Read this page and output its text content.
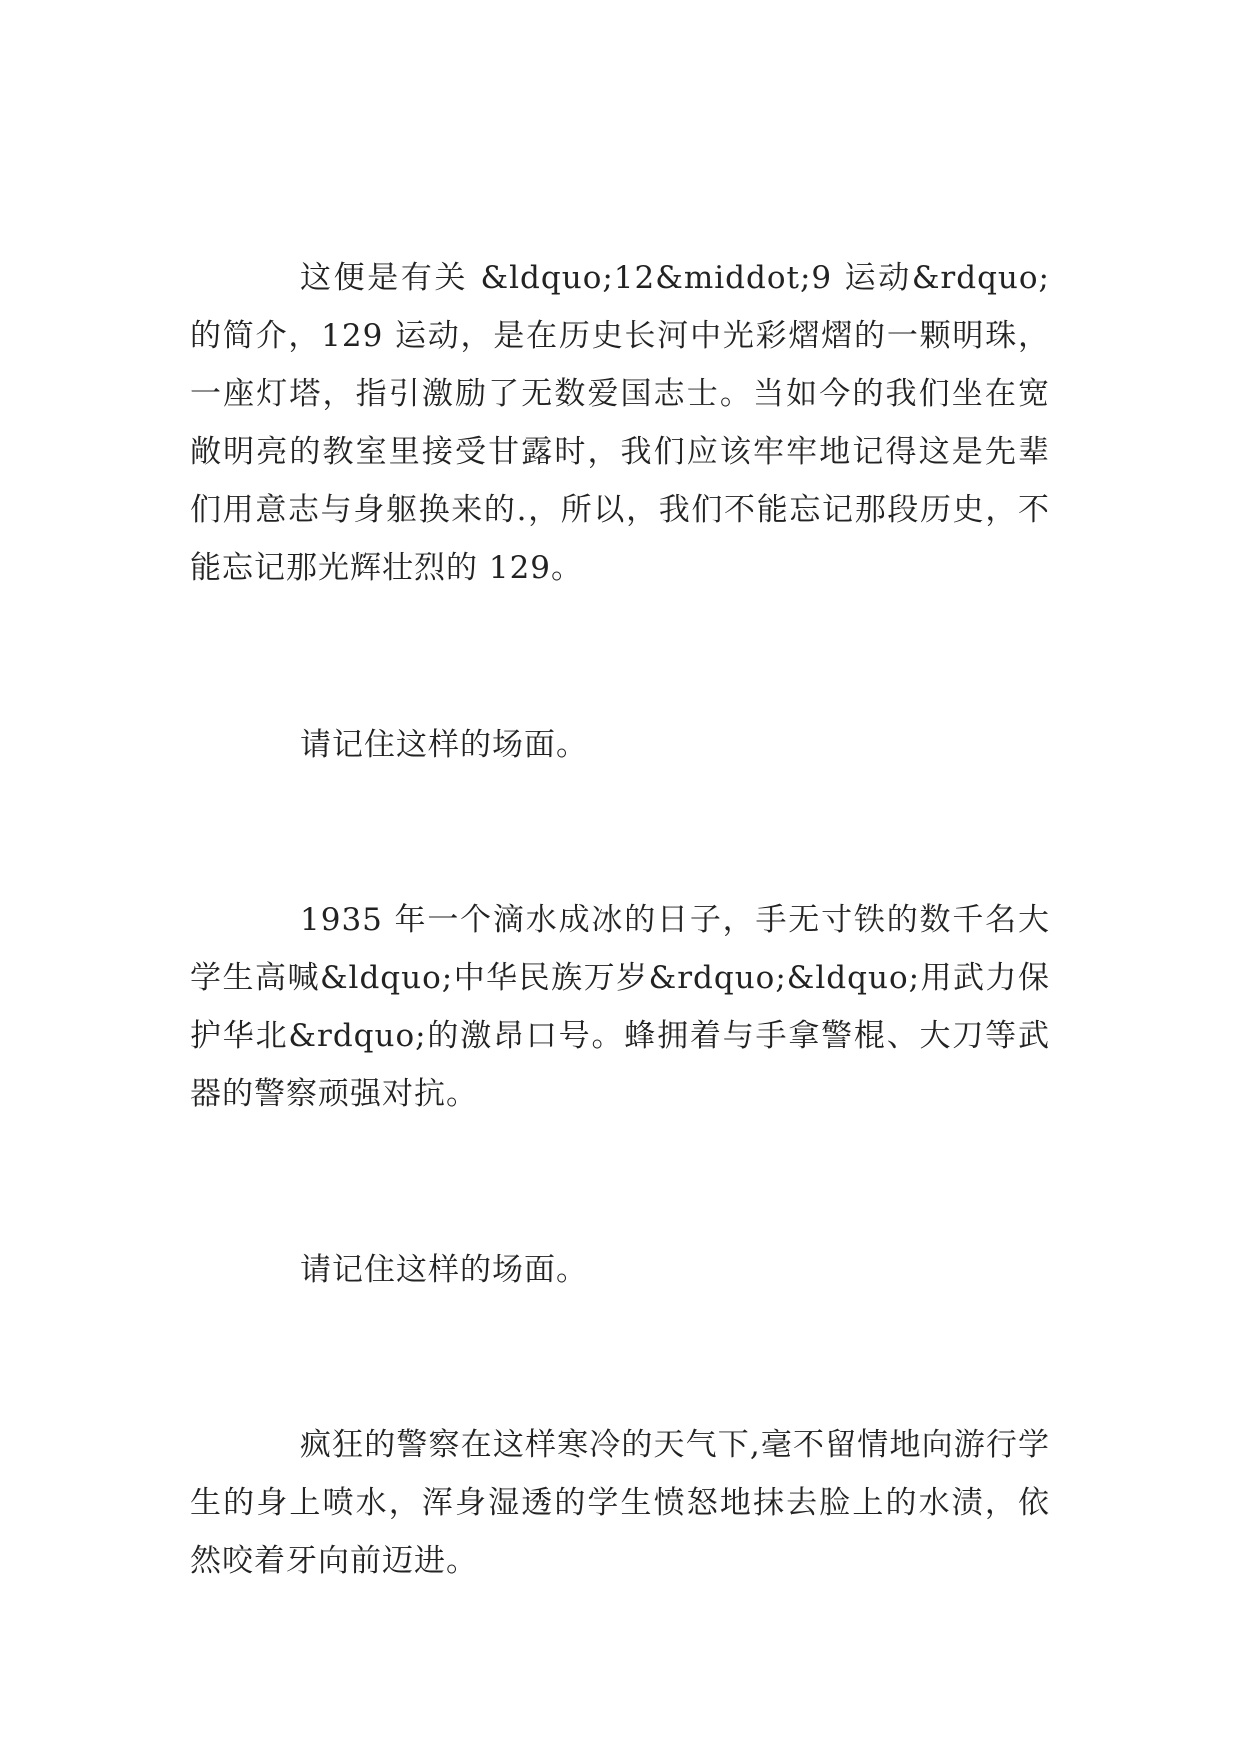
这便是有关 &ldquo;12&middot;9 运动&rdquo;的简介，129 运动，是在历史长河中光彩熠熠的一颗明珠，一座灯塔，指引激励了无数爱国志士。当如今的我们坐在宽敞明亮的教室里接受甘露时，我们应该牢牢地记得这是先辈们用意志与身躯换来的.，所以，我们不能忘记那段历史，不能忘记那光辉壮烈的 129。

请记住这样的场面。

1935 年一个滴水成冰的日子，手无寸铁的数千名大学生高喊&ldquo;中华民族万岁&rdquo;&ldquo;用武力保护华北&rdquo;的激昂口号。蜂拥着与手拿警棍、大刀等武器的警察顽强对抗。

请记住这样的场面。

疯狂的警察在这样寒冷的天气下,毫不留情地向游行学生的身上喷水，浑身湿透的学生愤怒地抹去脸上的水渍，依然咬着牙向前迈进。
